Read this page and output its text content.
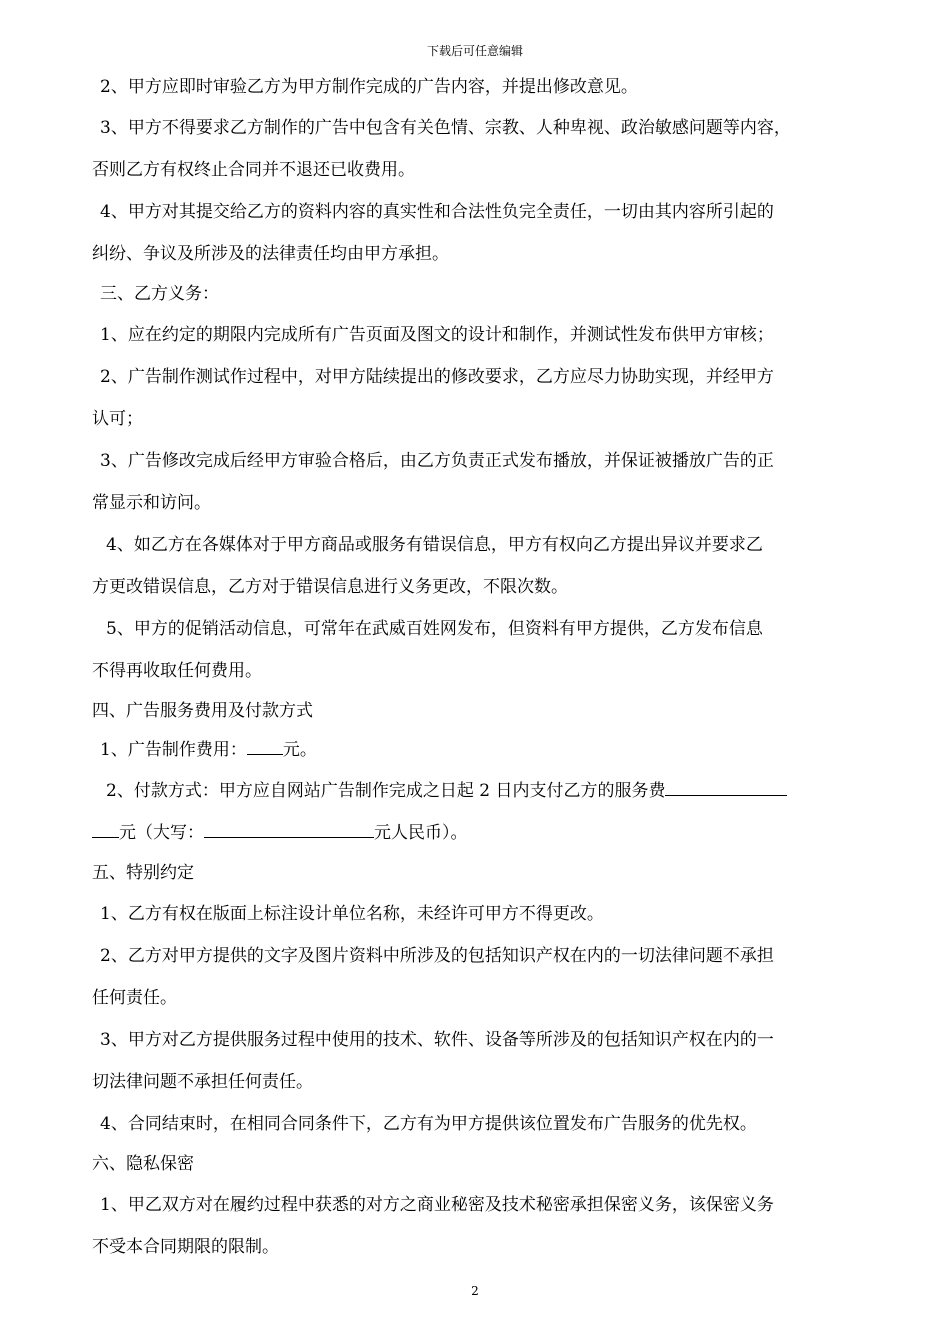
下载后可任意编辑
2、甲方应即时审验乙方为甲方制作完成的广告内容，并提出修改意见。
3、甲方不得要求乙方制作的广告中包含有关色情、宗教、人种卑视、政治敏感问题等内容，
否则乙方有权终止合同并不退还已收费用。
4、甲方对其提交给乙方的资料内容的真实性和合法性负完全责任，一切由其内容所引起的
纠纷、争议及所涉及的法律责任均由甲方承担。
三、乙方义务：
1、应在约定的期限内完成所有广告页面及图文的设计和制作，并测试性发布供甲方审核；
2、广告制作测试作过程中，对甲方陆续提出的修改要求，乙方应尽力协助实现，并经甲方
认可；
3、广告修改完成后经甲方审验合格后，由乙方负责正式发布播放，并保证被播放广告的正
常显示和访问。
4、如乙方在各媒体对于甲方商品或服务有错误信息，甲方有权向乙方提出异议并要求乙
方更改错误信息，乙方对于错误信息进行义务更改，不限次数。
5、甲方的促销活动信息，可常年在武威百姓网发布，但资料有甲方提供，乙方发布信息
不得再收取任何费用。
四、广告服务费用及付款方式
1、广告制作费用： 元。
2、付款方式：甲方应自网站广告制作完成之日起 2 日内支付乙方的服务费
元（大写：	元人民币）。
五、特别约定
1、乙方有权在版面上标注设计单位名称，未经许可甲方不得更改。
2、乙方对甲方提供的文字及图片资料中所涉及的包括知识产权在内的一切法律问题不承担
任何责任。
3、甲方对乙方提供服务过程中使用的技术、软件、设备等所涉及的包括知识产权在内的一
切法律问题不承担任何责任。
4、合同结束时，在相同合同条件下，乙方有为甲方提供该位置发布广告服务的优先权。
六、隐私保密
1、甲乙双方对在履约过程中获悉的对方之商业秘密及技术秘密承担保密义务，该保密义务
不受本合同期限的限制。
2
